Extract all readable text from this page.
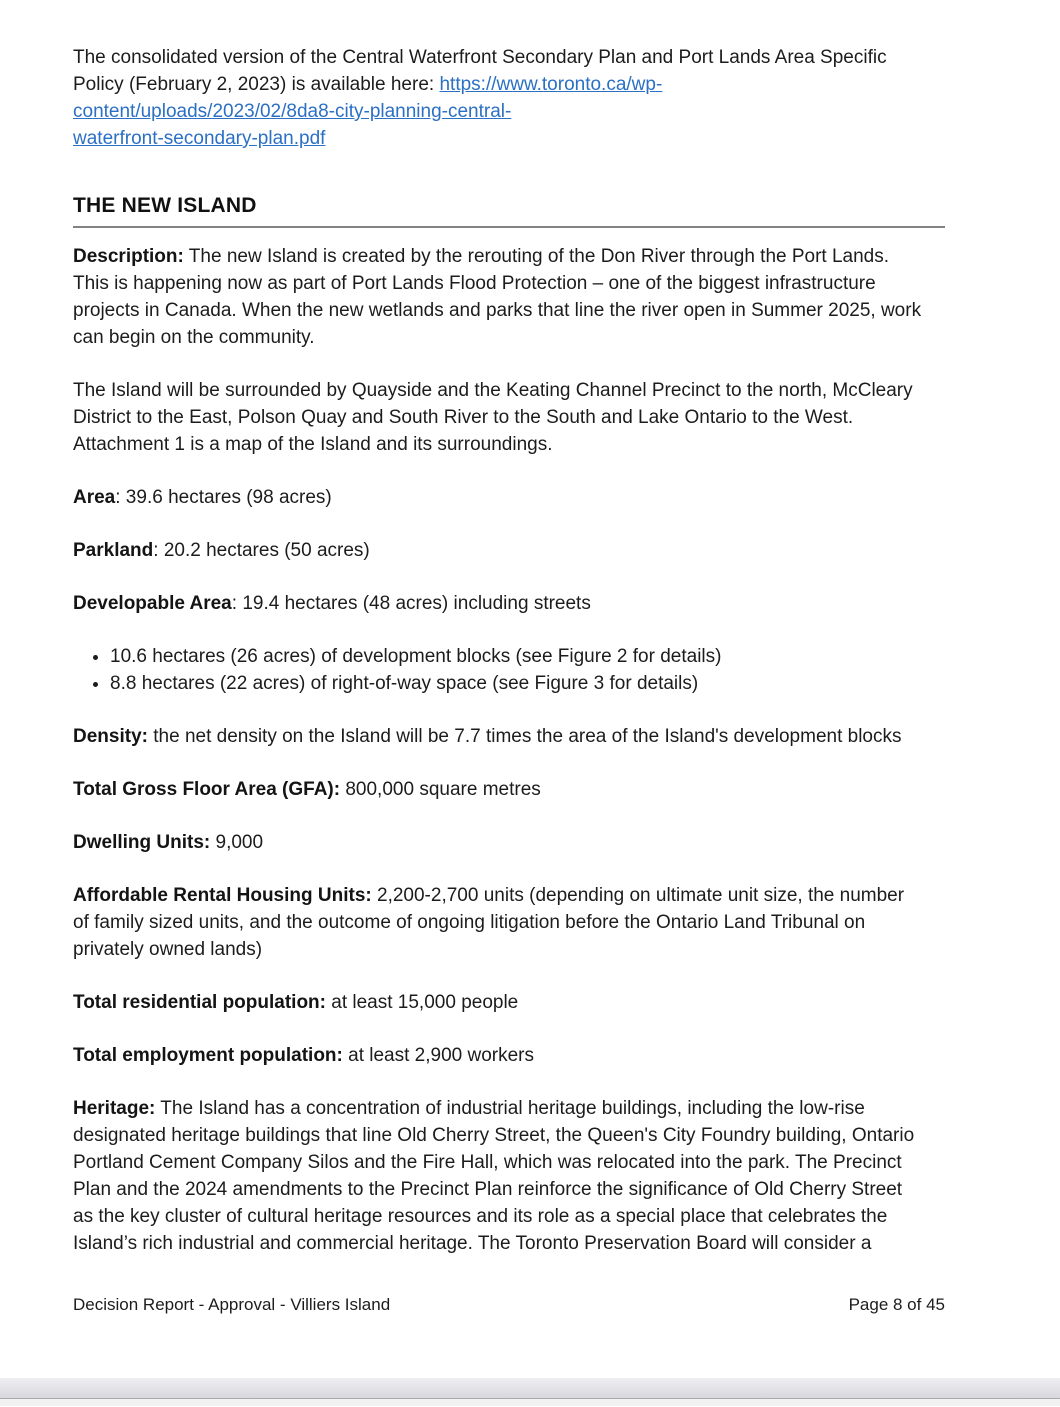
The consolidated version of the Central Waterfront Secondary Plan and Port Lands Area Specific Policy (February 2, 2023) is available here: https://www.toronto.ca/wp-content/uploads/2023/02/8da8-city-planning-central-
waterfront-secondary-plan.pdf

THE NEW ISLAND

Description: The new Island is created by the rerouting of the Don River through the Port Lands. This is happening now as part of Port Lands Flood Protection – one of the biggest infrastructure projects in Canada. When the new wetlands and parks that line the river open in Summer 2025, work can begin on the community.

The Island will be surrounded by Quayside and the Keating Channel Precinct to the north, McCleary District to the East, Polson Quay and South River to the South and Lake Ontario to the West. Attachment 1 is a map of the Island and its surroundings.

Area: 39.6 hectares (98 acres)

Parkland: 20.2 hectares (50 acres)

Developable Area: 19.4 hectares (48 acres) including streets

• 10.6 hectares (26 acres) of development blocks (see Figure 2 for details)
• 8.8 hectares (22 acres) of right-of-way space (see Figure 3 for details)

Density: the net density on the Island will be 7.7 times the area of the Island's development blocks

Total Gross Floor Area (GFA): 800,000 square metres

Dwelling Units: 9,000

Affordable Rental Housing Units: 2,200-2,700 units (depending on ultimate unit size, the number of family sized units, and the outcome of ongoing litigation before the Ontario Land Tribunal on privately owned lands)

Total residential population: at least 15,000 people

Total employment population: at least 2,900 workers

Heritage: The Island has a concentration of industrial heritage buildings, including the low-rise designated heritage buildings that line Old Cherry Street, the Queen's City Foundry building, Ontario Portland Cement Company Silos and the Fire Hall, which was relocated into the park. The Precinct Plan and the 2024 amendments to the Precinct Plan reinforce the significance of Old Cherry Street as the key cluster of cultural heritage resources and its role as a special place that celebrates the Island’s rich industrial and commercial heritage. The Toronto Preservation Board will consider a

Decision Report - Approval - Villiers Island	Page 8 of 45
